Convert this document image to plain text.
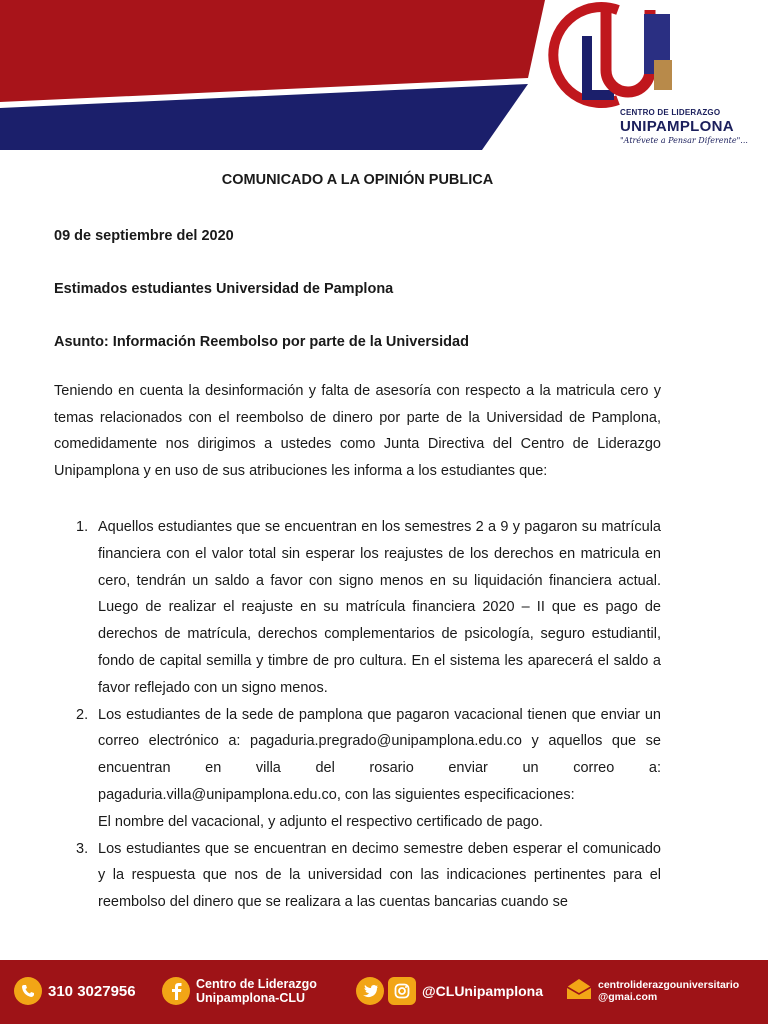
CENTRO DE LIDERAZGO
UNIPAMPLONA
"Atrévete a Pensar Diferente"...

COMUNICADO A LA OPINIÓN PUBLICA

09 de septiembre del 2020

Estimados estudiantes Universidad de Pamplona

Asunto: Información Reembolso por parte de la Universidad

Teniendo en cuenta la desinformación y falta de asesoría con respecto a la matricula cero y temas relacionados con el reembolso de dinero por parte de la Universidad de Pamplona, comedidamente nos dirigimos a ustedes como Junta Directiva del Centro de Liderazgo Unipamplona y en uso de sus atribuciones les informa a los estudiantes que:

1. Aquellos estudiantes que se encuentran en los semestres 2 a 9 y pagaron su matrícula financiera con el valor total sin esperar los reajustes de los derechos en matricula en cero, tendrán un saldo a favor con signo menos en su liquidación financiera actual. Luego de realizar el reajuste en su matrícula financiera 2020 – II que es pago de derechos de matrícula, derechos complementarios de psicología, seguro estudiantil, fondo de capital semilla y timbre de pro cultura. En el sistema les aparecerá el saldo a favor reflejado con un signo menos.
2. Los estudiantes de la sede de pamplona que pagaron vacacional tienen que enviar un correo electrónico a: pagaduria.pregrado@unipamplona.edu.co y aquellos que se encuentran en villa del rosario enviar un correo a: pagaduria.villa@unipamplona.edu.co, con las siguientes especificaciones:
El nombre del vacacional, y adjunto el respectivo certificado de pago.
3. Los estudiantes que se encuentran en decimo semestre deben esperar el comunicado y la respuesta que nos de la universidad con las indicaciones pertinentes para el reembolso del dinero que se realizara a las cuentas bancarias cuando se
310 3027956	Centro de Liderazgo
Unipamplona-CLU	@CLUnipamplona	centroliderazgouniversitario
@gmai.com
